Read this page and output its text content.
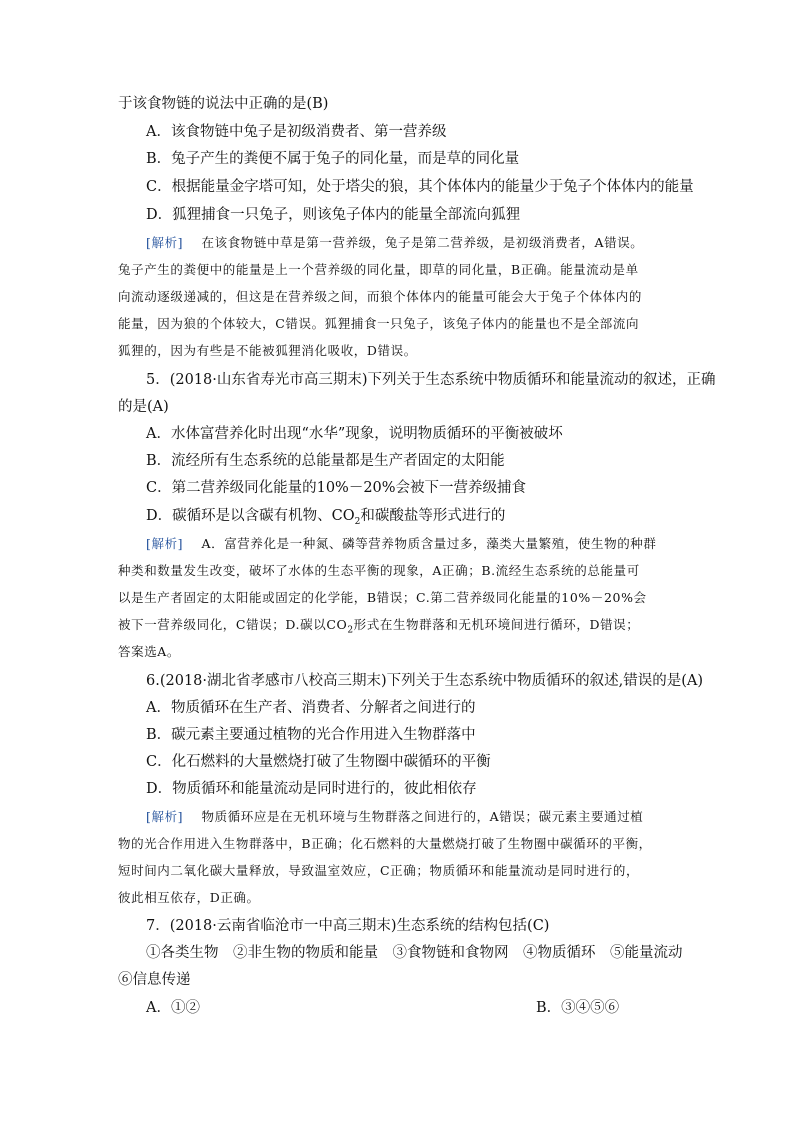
于该食物链的说法中正确的是(B)
A．该食物链中兔子是初级消费者、第一营养级
B．兔子产生的粪便不属于兔子的同化量，而是草的同化量
C．根据能量金字塔可知，处于塔尖的狼，其个体体内的能量少于兔子个体体内的能量
D．狐狸捕食一只兔子，则该兔子体内的能量全部流向狐狸
[解析] 在该食物链中草是第一营养级，兔子是第二营养级，是初级消费者，A错误。
兔子产生的粪便中的能量是上一个营养级的同化量，即草的同化量，B正确。能量流动是单
向流动逐级递减的，但这是在营养级之间，而狼个体体内的能量可能会大于兔子个体体内的
能量，因为狼的个体较大，C错误。狐狸捕食一只兔子，该兔子体内的能量也不是全部流向
狐狸的，因为有些是不能被狐狸消化吸收，D错误。
5．(2018·山东省寿光市高三期末)下列关于生态系统中物质循环和能量流动的叙述，正确
的是(A)
A．水体富营养化时出现“水华”现象，说明物质循环的平衡被破坏
B．流经所有生态系统的总能量都是生产者固定的太阳能
C．第二营养级同化能量的10%－20%会被下一营养级捕食
D．碳循环是以含碳有机物、$CO_2$和碳酸盐等形式进行的
[解析] A．富营养化是一种氮、磷等营养物质含量过多，藻类大量繁殖，使生物的种群
种类和数量发生改变，破坏了水体的生态平衡的现象，A正确；B.流经生态系统的总能量可
以是生产者固定的太阳能或固定的化学能，B错误；C.第二营养级同化能量的10%－20%会
被下一营养级同化，C错误；D.碳以$CO_2$形式在生物群落和无机环境间进行循环，D错误；
答案选A。
6.(2018·湖北省孝感市八校高三期末)下列关于生态系统中物质循环的叙述,错误的是(A)
A．物质循环在生产者、消费者、分解者之间进行的
B．碳元素主要通过植物的光合作用进入生物群落中
C．化石燃料的大量燃烧打破了生物圈中碳循环的平衡
D．物质循环和能量流动是同时进行的，彼此相依存
[解析] 物质循环应是在无机环境与生物群落之间进行的，A错误；碳元素主要通过植
物的光合作用进入生物群落中，B正确；化石燃料的大量燃烧打破了生物圈中碳循环的平衡，
短时间内二氧化碳大量释放，导致温室效应，C正确；物质循环和能量流动是同时进行的，
彼此相互依存，D正确。
7．(2018·云南省临沧市一中高三期末)生态系统的结构包括(C)
①各类生物　②非生物的物质和能量　③食物链和食物网　④物质循环　⑤能量流动
⑥信息传递
A．①②	B．③④⑤⑥
